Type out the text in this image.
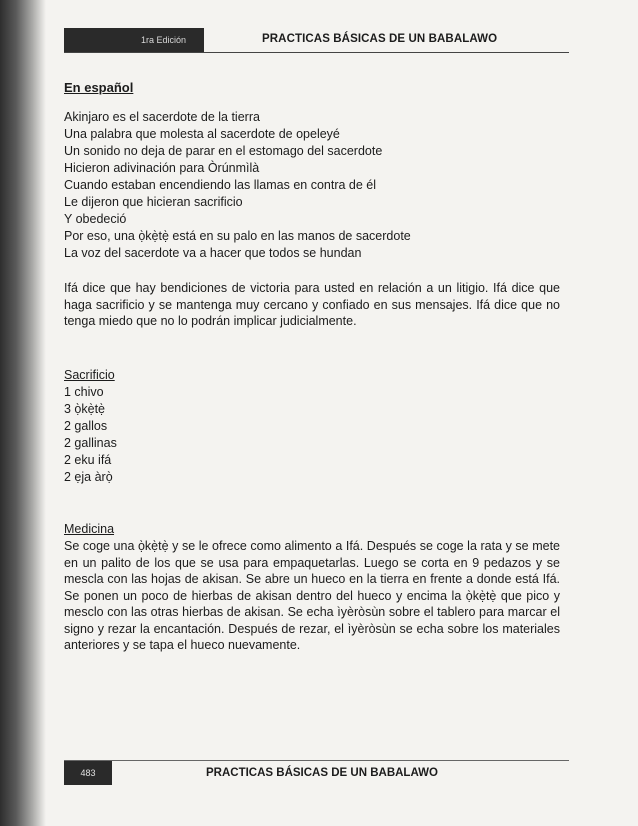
1ra Edición	PRACTICAS BÁSICAS DE UN BABALAWO
En español
Akinjaro es el sacerdote de la tierra
Una palabra que molesta al sacerdote de opeleyé
Un sonido no deja de parar en el estomago del sacerdote
Hicieron adivinación para Òrúnmìlà
Cuando estaban encendiendo las llamas en contra de él
Le dijeron que hicieran sacrificio
Y obedeció
Por eso, una ọ̀kẹ̀tẹ̀ está en su palo en las manos de sacerdote
La voz del sacerdote va a hacer que todos se hundan
Ifá dice que hay bendiciones de victoria para usted en relación a un litigio. Ifá dice que haga sacrificio y se mantenga muy cercano y confiado en sus mensajes. Ifá dice que no tenga miedo que no lo podrán implicar judicialmente.
Sacrificio
1 chivo
3 ọ̀kẹ̀tẹ̀
2 gallos
2 gallinas
2 eku ifá
2 ẹja àrọ̀
Medicina
Se coge una ọ̀kẹ̀tẹ̀ y se le ofrece como alimento a Ifá. Después se coge la rata y se mete en un palito de los que se usa para empaquetarlas. Luego se corta en 9 pedazos y se mescla con las hojas de akisan. Se abre un hueco en la tierra en frente a donde está Ifá. Se ponen un poco de hierbas de akisan dentro del hueco y encima la ọ̀kẹ̀tẹ̀ que pico y mesclo con las otras hierbas de akisan. Se echa ìyèròsùn sobre el tablero para marcar el signo y rezar la encantación. Después de rezar, el ìyèròsùn se echa sobre los materiales anteriores y se tapa el hueco nuevamente.
483	PRACTICAS BÁSICAS DE UN BABALAWO
